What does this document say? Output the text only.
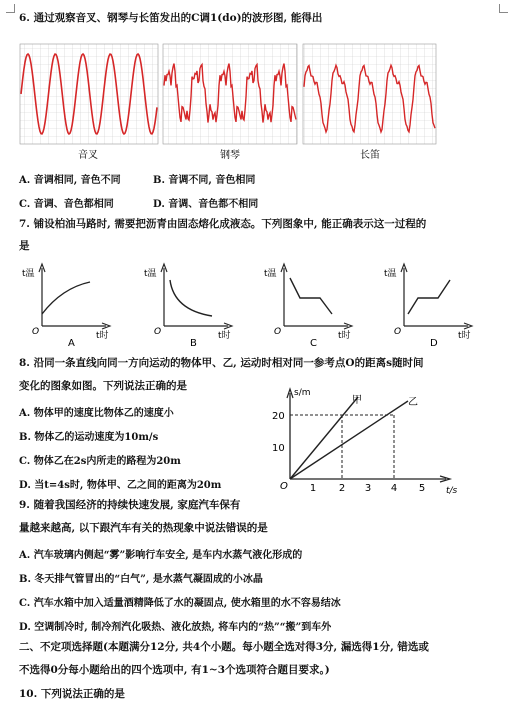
6. 通过观察音叉、钢琴与长笛发出的C调1(do)的波形图, 能得出
音叉	钢琴	长笛
A. 音调相同, 音色不同	B. 音调不同, 音色相同
C. 音调、音色都相同	D. 音调、音色都不相同
7. 铺设柏油马路时, 需要把沥青由固态熔化成液态。下列图象中, 能正确表示这一过程的
是
t温
O	t时
A
t温
O	t时
B
t温
O	t时
C
t温
O	t时
D
8. 沿同一条直线向同一方向运动的物体甲、乙, 运动时相对同一参考点O的距离s随时间
变化的图象如图。下列说法正确的是
A. 物体甲的速度比物体乙的速度小
B. 物体乙的运动速度为10m/s
C. 物体乙在2s内所走的路程为20m
D. 当t=4s时, 物体甲、乙之间的距离为20m
s/m
t/s
O
20
10
1 2 3 4 5
甲	乙
9. 随着我国经济的持续快速发展, 家庭汽车保有
量越来越高, 以下跟汽车有关的热现象中说法错误的是
A. 汽车玻璃内侧起“雾”影响行车安全, 是车内水蒸气液化形成的
B. 冬天排气管冒出的“白气”, 是水蒸气凝固成的小冰晶
C. 汽车水箱中加入适量酒精降低了水的凝固点, 使水箱里的水不容易结冰
D. 空调制冷时, 制冷剂汽化吸热、液化放热, 将车内的“热”“搬”到车外
二、不定项选择题(本题满分12分, 共4个小题。每小题全选对得3分, 漏选得1分, 错选或
不选得0分每小题给出的四个选项中, 有1~3个选项符合题目要求。)
10. 下列说法正确的是
